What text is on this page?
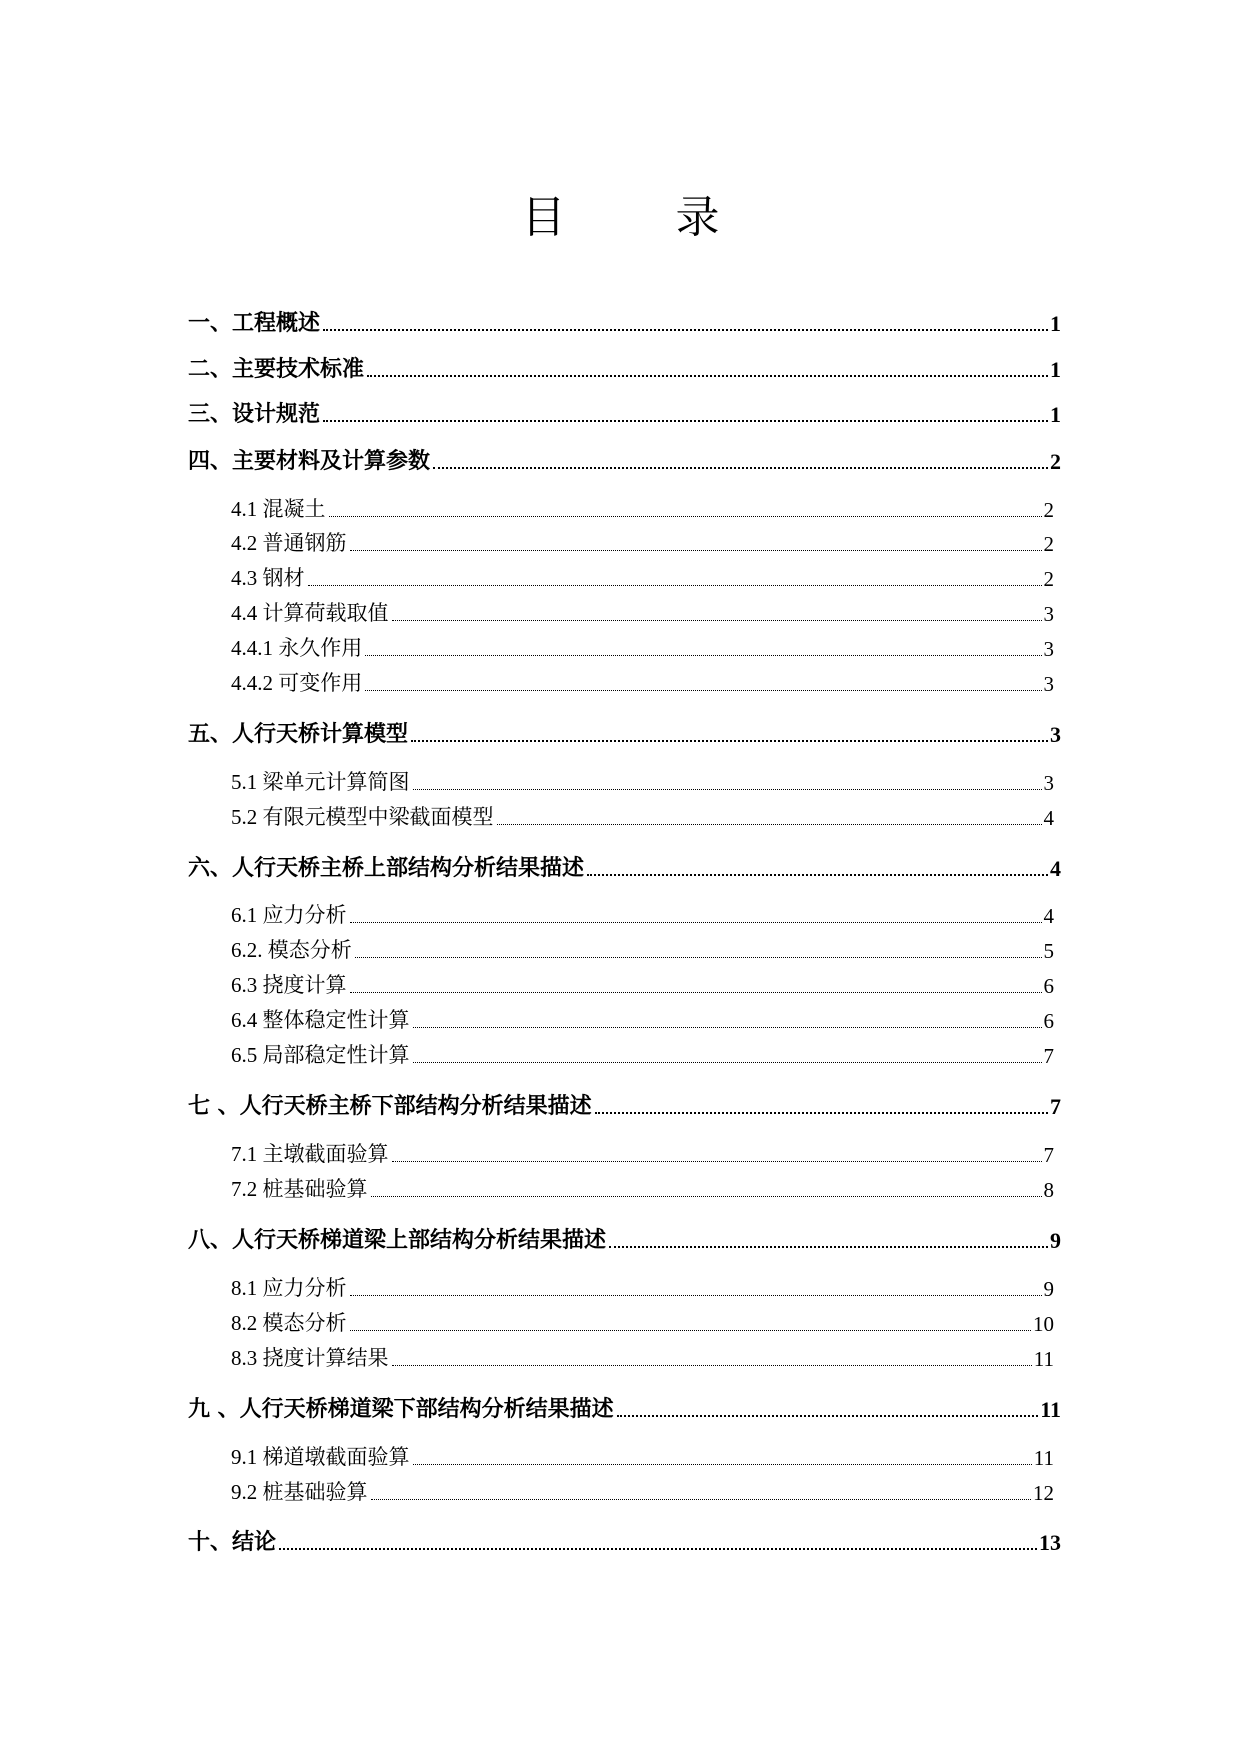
目	录
一、工程概述	1
二、主要技术标准	1
三、设计规范	1
四、主要材料及计算参数	2
4.1 混凝土	2
4.2 普通钢筋	2
4.3 钢材	2
4.4 计算荷载取值	3
4.4.1 永久作用	3
4.4.2 可变作用	3
五、人行天桥计算模型	3
5.1 梁单元计算简图	3
5.2 有限元模型中梁截面模型	4
六、人行天桥主桥上部结构分析结果描述	4
6.1 应力分析	4
6.2. 模态分析	5
6.3 挠度计算	6
6.4 整体稳定性计算	6
6.5 局部稳定性计算	7
七 、人行天桥主桥下部结构分析结果描述	7
7.1 主墩截面验算	7
7.2 桩基础验算	8
八、人行天桥梯道梁上部结构分析结果描述	9
8.1 应力分析	9
8.2 模态分析	10
8.3 挠度计算结果	11
九 、人行天桥梯道梁下部结构分析结果描述	11
9.1 梯道墩截面验算	11
9.2 桩基础验算	12
十、结论	13
